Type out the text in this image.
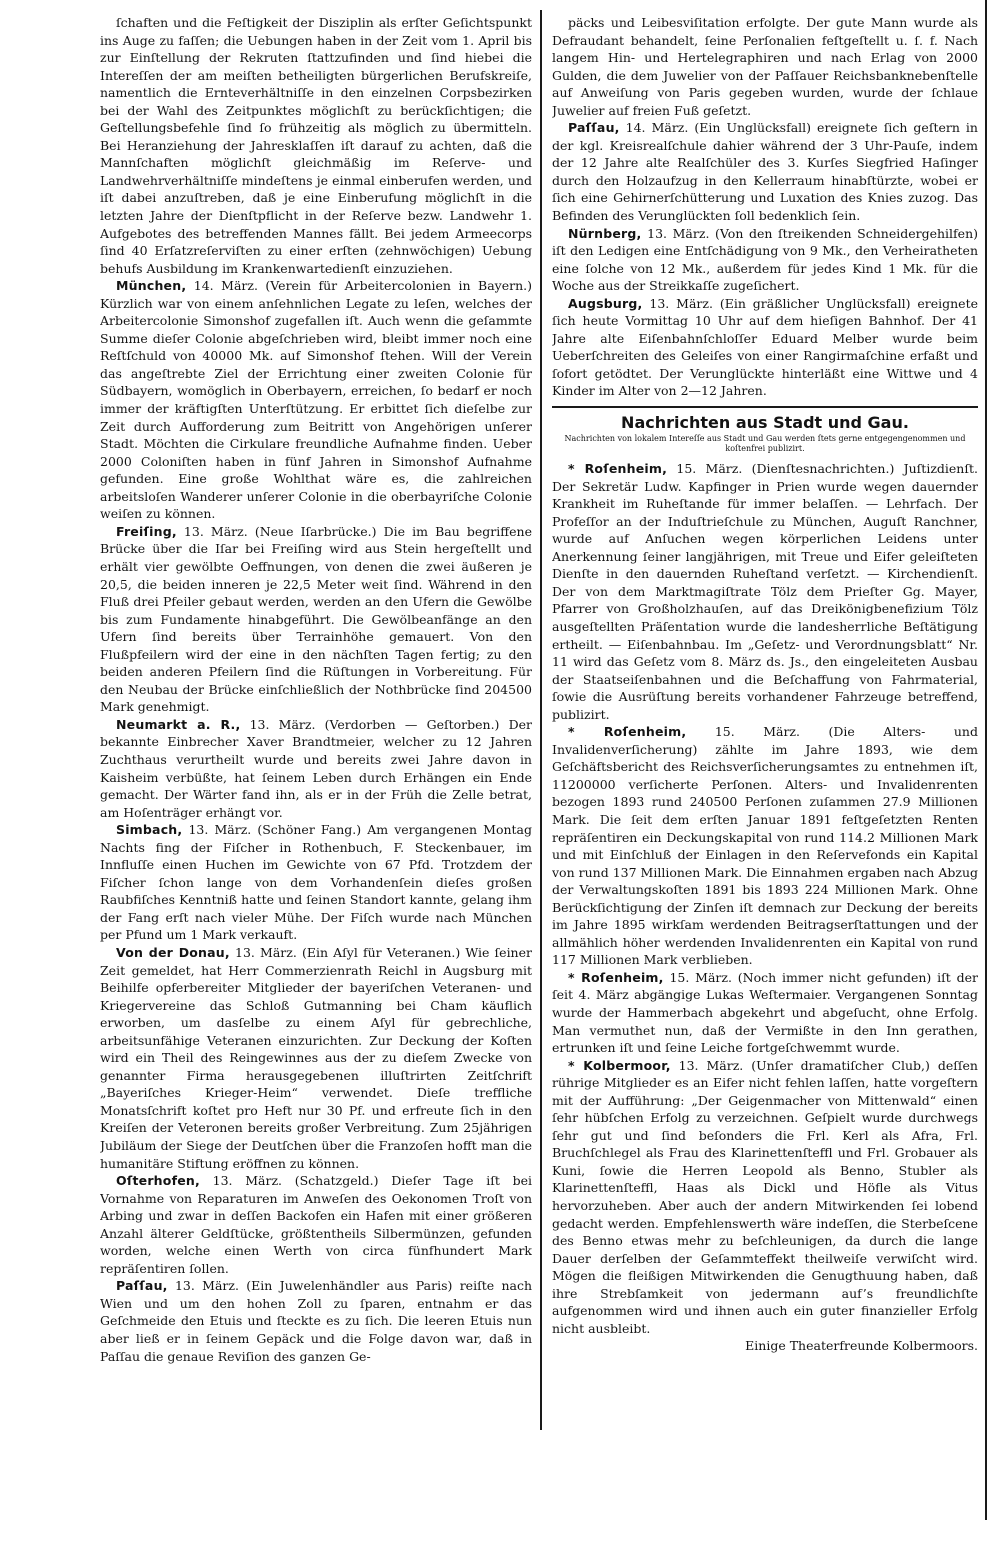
ſchaften und die Feſtigkeit der Disziplin als erſter Geſichtspunkt ins Auge zu faſſen; die Uebungen haben in der Zeit vom 1. April bis zur Einſtellung der Rekruten ſtattzufinden und ſind hiebei die Intereſſen der am meiſten betheiligten bürgerlichen Berufskreiſe, namentlich die Ernteverhältniſſe in den einzelnen Corpsbezirken bei der Wahl des Zeitpunktes möglichſt zu berückſichtigen; die Geſtellungsbefehle ſind ſo frühzeitig als möglich zu übermitteln. Bei Heranziehung der Jahresklaſſen iſt darauf zu achten, daß die Mannſchaften möglichſt gleichmäßig im Reſerve- und Landwehrverhältniſſe mindeſtens je einmal einberufen werden, und iſt dabei anzuſtreben, daß je eine Einberufung möglichſt in die letzten Jahre der Dienſtpflicht in der Reſerve bezw. Landwehr 1. Aufgebotes des betreffenden Mannes fällt. Bei jedem Armeecorps ſind 40 Erſatzreſerviſten zu einer erſten (zehnwöchigen) Uebung behufs Ausbildung im Krankenwartedienſt einzuziehen.

München, 14. März. (Verein für Arbeitercolonien in Bayern.) Kürzlich war von einem anſehnlichen Legate zu leſen, welches der Arbeitercolonie Simonshof zugefallen iſt. Auch wenn die geſammte Summe dieſer Colonie abgeſchrieben wird, bleibt immer noch eine Reſtſchuld von 40000 Mk. auf Simonshof ſtehen. Will der Verein das angeſtrebte Ziel der Errichtung einer zweiten Colonie für Südbayern, womöglich in Oberbayern, erreichen, ſo bedarf er noch immer der kräftigſten Unterſtützung. Er erbittet ſich dieſelbe zur Zeit durch Aufforderung zum Beitritt von Angehörigen unſerer Stadt. Möchten die Cirkulare freundliche Aufnahme finden. Ueber 2000 Coloniſten haben in fünf Jahren in Simonshof Aufnahme gefunden. Eine große Wohlthat wäre es, die zahlreichen arbeitsloſen Wanderer unſerer Colonie in die oberbayriſche Colonie weiſen zu können.

Freiſing, 13. März. (Neue Iſarbrücke.) Die im Bau begriffene Brücke über die Iſar bei Freiſing wird aus Stein hergeſtellt und erhält vier gewölbte Oeffnungen, von denen die zwei äußeren je 20,5, die beiden inneren je 22,5 Meter weit ſind. Während in den Fluß drei Pfeiler gebaut werden, werden an den Ufern die Gewölbe bis zum Fundamente hinabgeführt. Die Gewölbeanfänge an den Ufern ſind bereits über Terrainhöhe gemauert. Von den Flußpfeilern wird der eine in den nächſten Tagen fertig; zu den beiden anderen Pfeilern ſind die Rüſtungen in Vorbereitung. Für den Neubau der Brücke einſchließlich der Nothbrücke ſind 204500 Mark genehmigt.

Neumarkt a. R., 13. März. (Verdorben — Geſtorben.) Der bekannte Einbrecher Xaver Brandtmeier, welcher zu 12 Jahren Zuchthaus verurtheilt wurde und bereits zwei Jahre davon in Kaisheim verbüßte, hat ſeinem Leben durch Erhängen ein Ende gemacht. Der Wärter fand ihn, als er in der Früh die Zelle betrat, am Hoſenträger erhängt vor.

Simbach, 13. März. (Schöner Fang.) Am vergangenen Montag Nachts fing der Fiſcher in Rothenbuch, F. Steckenbauer, im Innfluſſe einen Huchen im Gewichte von 67 Pfd. Trotzdem der Fiſcher ſchon lange von dem Vorhandenſein dieſes großen Raubfiſches Kenntniß hatte und ſeinen Standort kannte, gelang ihm der Fang erſt nach vieler Mühe. Der Fiſch wurde nach München per Pfund um 1 Mark verkauft.

Von der Donau, 13. März. (Ein Aſyl für Veteranen.) Wie ſeiner Zeit gemeldet, hat Herr Commerzienrath Reichl in Augsburg mit Beihilfe opferbereiter Mitglieder der bayeriſchen Veteranen- und Kriegervereine das Schloß Gutmanning bei Cham käuflich erworben, um dasſelbe zu einem Aſyl für gebrechliche, arbeitsunfähige Veteranen einzurichten. Zur Deckung der Koſten wird ein Theil des Reingewinnes aus der zu dieſem Zwecke von genannter Firma herausgegebenen illuſtrirten Zeitſchrift „Bayeriſches Krieger-Heim“ verwendet. Dieſe treffliche Monatsſchrift koſtet pro Heft nur 30 Pf. und erfreute ſich in den Kreiſen der Veteronen bereits großer Verbreitung. Zum 25jährigen Jubiläum der Siege der Deutſchen über die Franzoſen hofft man die humanitäre Stiftung eröffnen zu können.

Oſterhofen, 13. März. (Schatzgeld.) Dieſer Tage iſt bei Vornahme von Reparaturen im Anweſen des Oekonomen Troſt von Arbing und zwar in deſſen Backofen ein Hafen mit einer größeren Anzahl älterer Geldſtücke, größtentheils Silbermünzen, gefunden worden, welche einen Werth von circa fünfhundert Mark repräſentiren ſollen.

Paſſau, 13. März. (Ein Juwelenhändler aus Paris) reiſte nach Wien und um den hohen Zoll zu ſparen, entnahm er das Geſchmeide den Etuis und ſteckte es zu ſich. Die leeren Etuis nun aber ließ er in ſeinem Gepäck und die Folge davon war, daß in Paſſau die genaue Reviſion des ganzen Ge-

päcks und Leibesviſitation erfolgte. Der gute Mann wurde als Defraudant behandelt, ſeine Perſonalien feſtgeſtellt u. ſ. f. Nach langem Hin- und Hertelegraphiren und nach Erlag von 2000 Gulden, die dem Juwelier von der Paſſauer Reichsbanknebenſtelle auf Anweiſung von Paris gegeben wurden, wurde der ſchlaue Juwelier auf freien Fuß geſetzt.

Paſſau, 14. März. (Ein Unglücksfall) ereignete ſich geſtern in der kgl. Kreisrealſchule dahier während der 3 Uhr-Pauſe, indem der 12 Jahre alte Realſchüler des 3. Kurſes Siegfried Haſinger durch den Holzaufzug in den Kellerraum hinabſtürzte, wobei er ſich eine Gehirnerſchütterung und Luxation des Knies zuzog. Das Befinden des Verunglückten ſoll bedenklich ſein.

Nürnberg, 13. März. (Von den ſtreikenden Schneidergehilfen) iſt den Ledigen eine Entſchädigung von 9 Mk., den Verheiratheten eine ſolche von 12 Mk., außerdem für jedes Kind 1 Mk. für die Woche aus der Streikkaſſe zugeſichert.

Augsburg, 13. März. (Ein gräßlicher Unglücksfall) ereignete ſich heute Vormittag 10 Uhr auf dem hieſigen Bahnhof. Der 41 Jahre alte Eiſenbahnſchloſſer Eduard Melber wurde beim Ueberſchreiten des Geleiſes von einer Rangirmaſchine erfaßt und ſofort getödtet. Der Verunglückte hinterläßt eine Wittwe und 4 Kinder im Alter von 2—12 Jahren.

Nachrichten aus Stadt und Gau.

Nachrichten von lokalem Intereſſe aus Stadt und Gau werden ſtets gerne entgegengenommen und koſtenfrei publizirt.

* Roſenheim, 15. März. (Dienſtesnachrichten.) Juſtizdienſt. Der Sekretär Ludw. Kapfinger in Prien wurde wegen dauernder Krankheit im Ruheſtande für immer belaſſen. — Lehrfach. Der Profeſſor an der Induſtrieſchule zu München, Auguſt Ranchner, wurde auf Anſuchen wegen körperlichen Leidens unter Anerkennung ſeiner langjährigen, mit Treue und Eifer geleiſteten Dienſte in den dauernden Ruheſtand verſetzt. — Kirchendienſt. Der von dem Marktmagiſtrate Tölz dem Prieſter Gg. Mayer, Pfarrer von Großholzhauſen, auf das Dreikönigbenefizium Tölz ausgeſtellten Präſentation wurde die landesherrliche Beſtätigung ertheilt. — Eiſenbahnbau. Im „Geſetz- und Verordnungsblatt“ Nr. 11 wird das Geſetz vom 8. März ds. Js., den eingeleiteten Ausbau der Staatseiſenbahnen und die Beſchaffung von Fahrmaterial, ſowie die Ausrüſtung bereits vorhandener Fahrzeuge betreffend, publizirt.

* Roſenheim, 15. März. (Die Alters- und Invalidenverſicherung) zählte im Jahre 1893, wie dem Geſchäftsbericht des Reichsverſicherungsamtes zu entnehmen iſt, 11200000 verſicherte Perſonen. Alters- und Invalidenrenten bezogen 1893 rund 240500 Perſonen zuſammen 27.9 Millionen Mark. Die ſeit dem erſten Januar 1891 feſtgeſetzten Renten repräſentiren ein Deckungskapital von rund 114.2 Millionen Mark und mit Einſchluß der Einlagen in den Reſervefonds ein Kapital von rund 137 Millionen Mark. Die Einnahmen ergaben nach Abzug der Verwaltungskoſten 1891 bis 1893 224 Millionen Mark. Ohne Berückſichtigung der Zinſen iſt demnach zur Deckung der bereits im Jahre 1895 wirkſam werdenden Beitragserſtattungen und der allmählich höher werdenden Invalidenrenten ein Kapital von rund 117 Millionen Mark verblieben.

* Roſenheim, 15. März. (Noch immer nicht gefunden) iſt der ſeit 4. März abgängige Lukas Weſtermaier. Vergangenen Sonntag wurde der Hammerbach abgekehrt und abgeſucht, ohne Erfolg. Man vermuthet nun, daß der Vermißte in den Inn gerathen, ertrunken iſt und ſeine Leiche fortgeſchwemmt wurde.

* Kolbermoor, 13. März. (Unſer dramatiſcher Club,) deſſen rührige Mitglieder es an Eifer nicht fehlen laſſen, hatte vorgeſtern mit der Aufführung: „Der Geigenmacher von Mittenwald“ einen ſehr hübſchen Erfolg zu verzeichnen. Geſpielt wurde durchwegs ſehr gut und ſind beſonders die Frl. Kerl als Afra, Frl. Bruchſchlegel als Frau des Klarinettenſteffl und Frl. Grobauer als Kuni, ſowie die Herren Leopold als Benno, Stubler als Klarinettenſteffl, Haas als Dickl und Höfle als Vitus hervorzuheben. Aber auch der andern Mitwirkenden ſei lobend gedacht werden. Empfehlenswerth wäre indeſſen, die Sterbeſcene des Benno etwas mehr zu beſchleunigen, da durch die lange Dauer derſelben der Geſammteffekt theilweiſe verwiſcht wird. Mögen die fleißigen Mitwirkenden die Genugthuung haben, daß ihre Strebſamkeit von jedermann auf’s freundlichſte aufgenommen wird und ihnen auch ein guter finanzieller Erfolg nicht ausbleibt.

Einige Theaterfreunde Kolbermoors.
